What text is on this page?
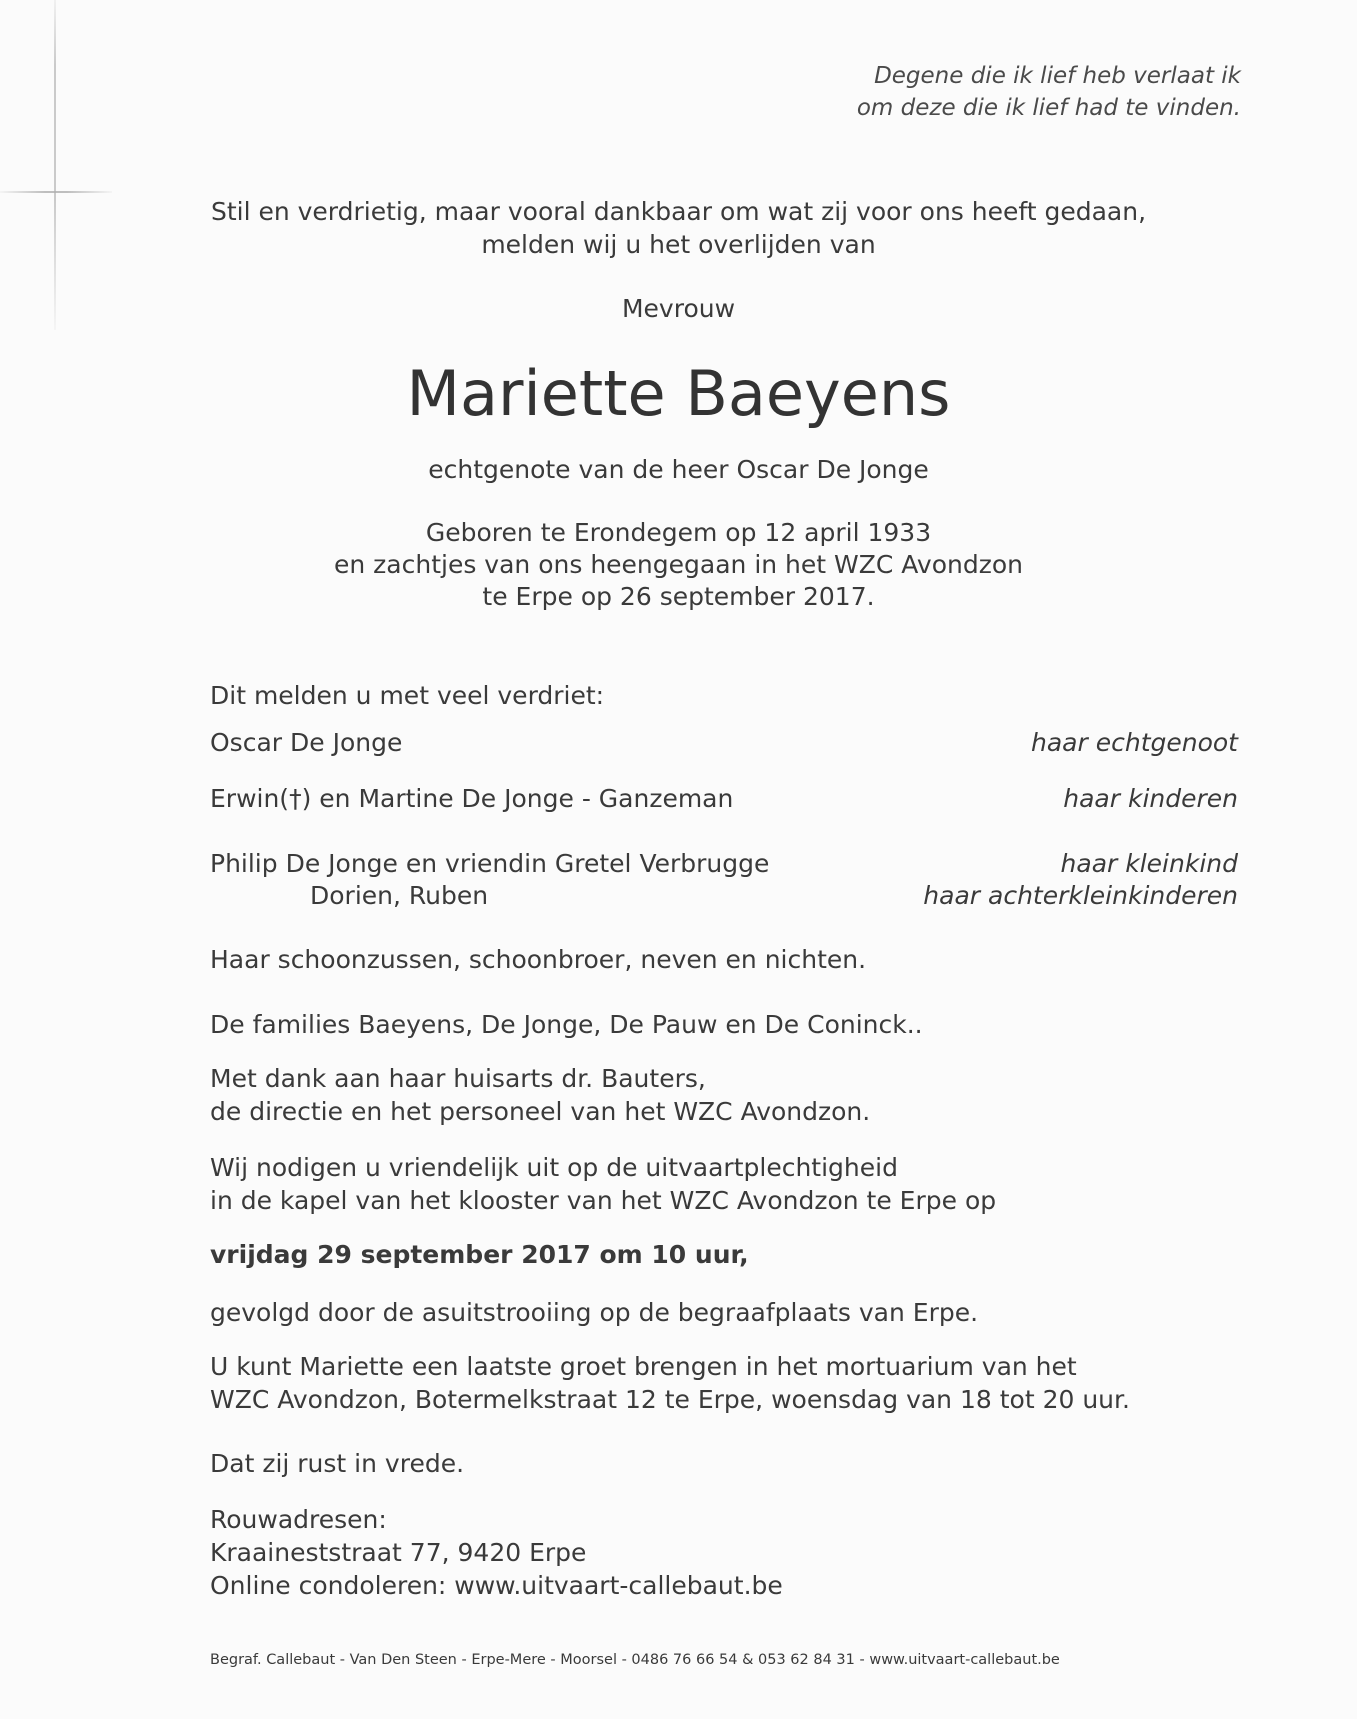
Degene die ik lief heb verlaat ik
om deze die ik lief had te vinden.
Stil en verdrietig, maar vooral dankbaar om wat zij voor ons heeft gedaan,
melden wij u het overlijden van
Mevrouw
Mariette Baeyens
echtgenote van de heer Oscar De Jonge
Geboren te Erondegem op 12 april 1933
en zachtjes van ons heengegaan in het WZC Avondzon
te Erpe op 26 september 2017.
Dit melden u met veel verdriet:
Oscar De Jonge	haar echtgenoot
Erwin(†) en Martine De Jonge - Ganzeman	haar kinderen
Philip De Jonge en vriendin Gretel Verbrugge	haar kleinkind
Dorien, Ruben	haar achterkleinkinderen
Haar schoonzussen, schoonbroer, neven en nichten.
De families Baeyens, De Jonge, De Pauw en De Coninck..
Met dank aan haar huisarts dr. Bauters,
de directie en het personeel van het WZC Avondzon.
Wij nodigen u vriendelijk uit op de uitvaartplechtigheid
in de kapel van het klooster van het WZC Avondzon te Erpe op
vrijdag 29 september 2017 om 10 uur,
gevolgd door de asuitstrooiing op de begraafplaats van Erpe.
U kunt Mariette een laatste groet brengen in het mortuarium van het
WZC Avondzon, Botermelkstraat 12 te Erpe, woensdag van 18 tot 20 uur.
Dat zij rust in vrede.
Rouwadresen:
Kraaineststraat 77, 9420 Erpe
Online condoleren: www.uitvaart-callebaut.be
Begraf. Callebaut - Van Den Steen - Erpe-Mere - Moorsel - 0486 76 66 54 & 053 62 84 31 - www.uitvaart-callebaut.be
